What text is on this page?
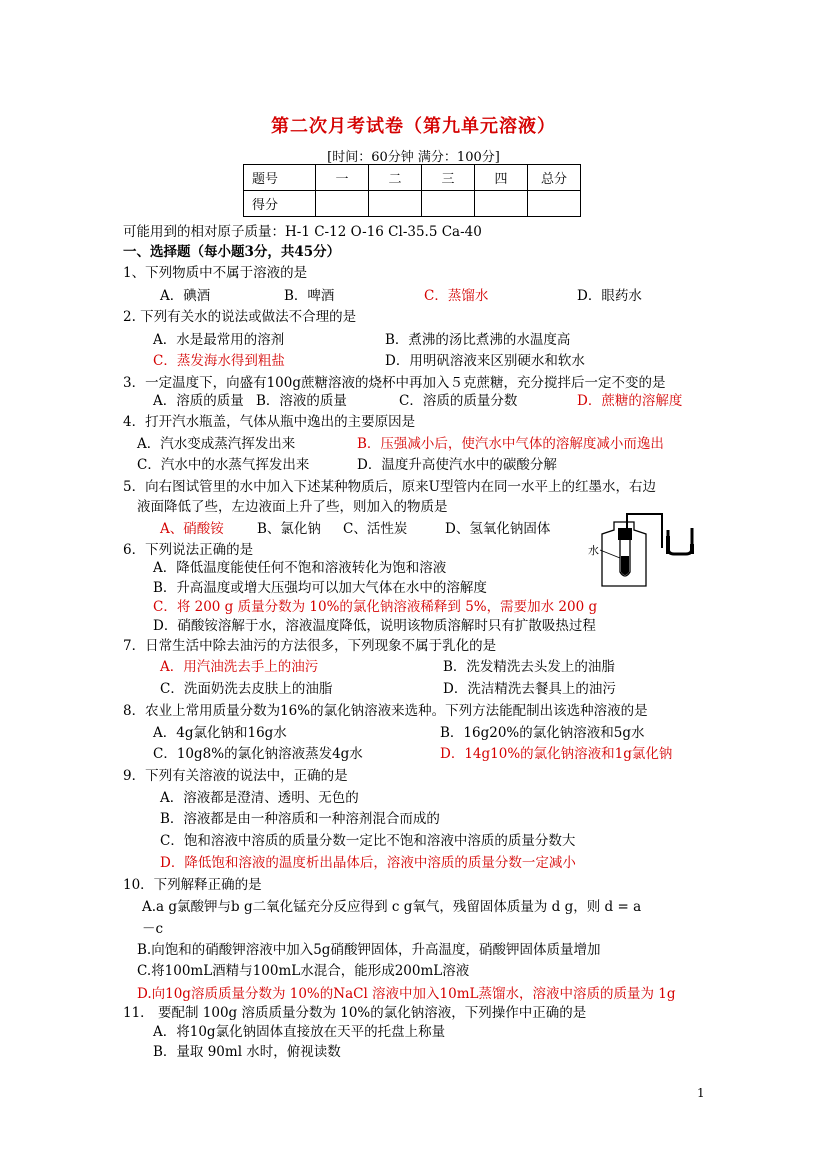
第二次月考试卷（第九单元溶液）
[时间：60分钟 满分：100分]
题号	一	二	三	四	总分
得分					
可能用到的相对原子质量：H-1 C-12 O-16 Cl-35.5 Ca-40
一、选择题（每小题3分，共45分）
1、下列物质中不属于溶液的是
A．碘酒	B．啤酒	C．蒸馏水	D．眼药水
2. 下列有关水的说法或做法不合理的是
A．水是最常用的溶剂	B．煮沸的汤比煮沸的水温度高
C．蒸发海水得到粗盐	D．用明矾溶液来区别硬水和软水
3．一定温度下，向盛有100g蔗糖溶液的烧杯中再加入５克蔗糖，充分搅拌后一定不变的是
A．溶质的质量 B．溶液的质量	C．溶质的质量分数	D．蔗糖的溶解度
4．打开汽水瓶盖，气体从瓶中逸出的主要原因是
A．汽水变成蒸汽挥发出来	B．压强减小后，使汽水中气体的溶解度减小而逸出
C．汽水中的水蒸气挥发出来	D．温度升高使汽水中的碳酸分解
5．向右图试管里的水中加入下述某种物质后，原来U型管内在同一水平上的红墨水，右边
液面降低了些，左边液面上升了些，则加入的物质是
A、硝酸铵 B、氯化钠 C、活性炭	D、氢氧化钠固体
水
6．下列说法正确的是
A．降低温度能使任何不饱和溶液转化为饱和溶液
B．升高温度或增大压强均可以加大气体在水中的溶解度
C．将 200 g 质量分数为 10%的氯化钠溶液稀释到 5%，需要加水 200 g
D．硝酸铵溶解于水，溶液温度降低，说明该物质溶解时只有扩散吸热过程
7．日常生活中除去油污的方法很多，下列现象不属于乳化的是
A．用汽油洗去手上的油污	B．洗发精洗去头发上的油脂
C．洗面奶洗去皮肤上的油脂	D．洗洁精洗去餐具上的油污
8．农业上常用质量分数为16%的氯化钠溶液来选种。下列方法能配制出该选种溶液的是
A．4g氯化钠和16g水	B．16g20%的氯化钠溶液和5g水
C．10g8%的氯化钠溶液蒸发4g水	D．14g10%的氯化钠溶液和1g氯化钠
9．下列有关溶液的说法中，正确的是
A．溶液都是澄清、透明、无色的
B．溶液都是由一种溶质和一种溶剂混合而成的
C．饱和溶液中溶质的质量分数一定比不饱和溶液中溶质的质量分数大
D．降低饱和溶液的温度析出晶体后，溶液中溶质的质量分数一定减小
10．下列解释正确的是
A.a g氯酸钾与b g二氧化锰充分反应得到 c g氧气，残留固体质量为 d g，则 d = a
－c
B.向饱和的硝酸钾溶液中加入5g硝酸钾固体，升高温度，硝酸钾固体质量增加
C.将100mL酒精与100mL水混合，能形成200mL溶液
D.向10g溶质质量分数为 10%的NaCl 溶液中加入10mL蒸馏水，溶液中溶质的质量为 1g
11． 要配制 100g 溶质质量分数为 10%的氯化钠溶液，下列操作中正确的是
A．将10g氯化钠固体直接放在天平的托盘上称量
B．量取 90ml 水时，俯视读数
1
